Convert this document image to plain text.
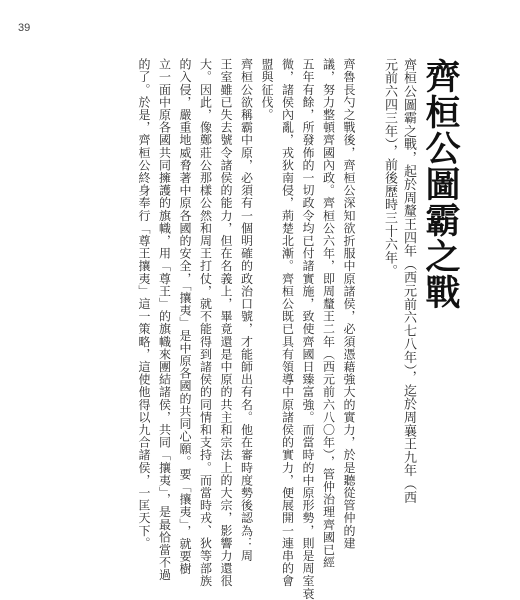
39
齊桓公圖霸之戰
齊桓公圖霸之戰，起於周釐王四年（西元前六七八年），迄於周襄王九年（西
元前六四三年），前後歷時三十六年。
齊魯長勺之戰後，齊桓公深知欲折服中原諸侯，必須憑藉強大的實力，於是聽從管仲的建
議，努力整頓齊國內政。齊桓公六年，即周釐王二年（西元前六八〇年），管仲治理齊國已經
五年有餘，所發佈的一切政令均已付諸實施，致使齊國日臻富強。而當時的中原形勢，則是周室衰
微，諸侯內亂，戎狄南侵，荊楚北漸。齊桓公既已具有領導中原諸侯的實力，便展開一連串的會
盟與征伐。
齊桓公欲稱霸中原，必須有一個明確的政治口號，才能師出有名。他在審時度勢後認為：周
王室雖已失去號令諸侯的能力，但在名義上，畢竟還是中原的共主和宗法上的大宗，影響力還很
大。因此，像鄭莊公那樣公然和周王打仗，就不能得到諸侯的同情和支持。而當時戎、狄等部族
的入侵，嚴重地威脅著中原各國的安全，「攘夷」是中原各國的共同心願。要「攘夷」，就要樹
立一面中原各國共同擁護的旗幟，用「尊王」的旗幟來團結諸侯，共同「攘夷」，是最恰當不過
的了。於是，齊桓公終身奉行「尊王攘夷」這一策略，這使他得以九合諸侯，一匡天下。
